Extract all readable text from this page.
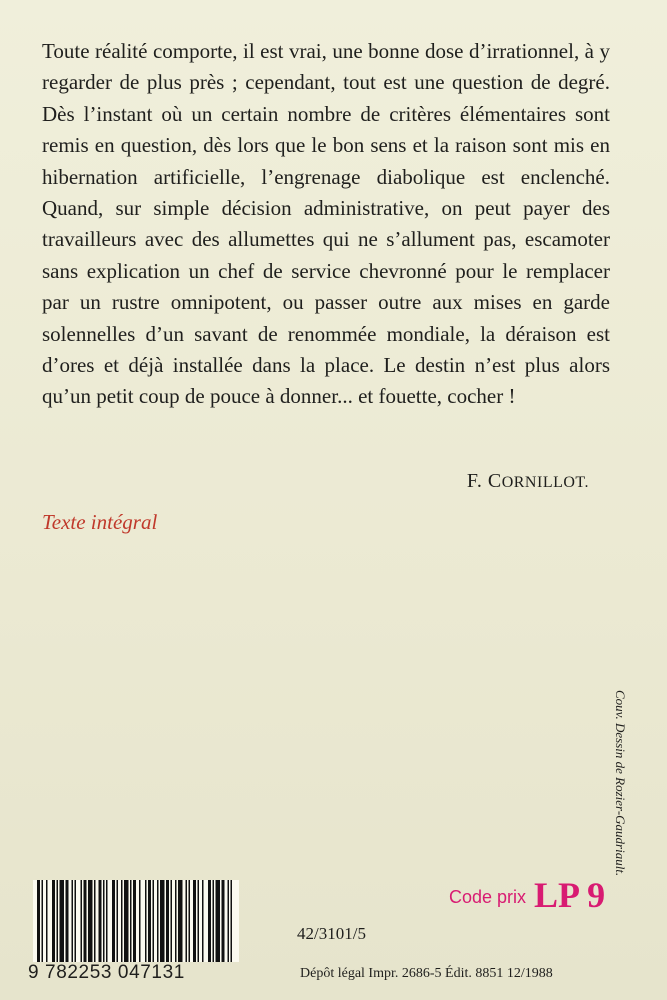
Toute réalité comporte, il est vrai, une bonne dose d’irrationnel, à y regarder de plus près ; cependant, tout est une question de degré. Dès l’instant où un certain nombre de critères élémentaires sont remis en question, dès lors que le bon sens et la raison sont mis en hibernation artificielle, l’engrenage diabolique est enclenché. Quand, sur simple décision administrative, on peut payer des travailleurs avec des allumettes qui ne s’allument pas, escamoter sans explication un chef de service chevronné pour le remplacer par un rustre omnipotent, ou passer outre aux mises en garde solennelles d’un savant de renommée mondiale, la déraison est d’ores et déjà installée dans la place. Le destin n’est plus alors qu’un petit coup de pouce à donner... et fouette, cocher !

F. CORNILLOT.
Texte intégral
Couv. Dessin de Rozier-Gaudriault.
Code prix LP 9
9 782253 047131
42/3101/5
Dépôt légal Impr. 2686-5 Édit. 8851 12/1988
